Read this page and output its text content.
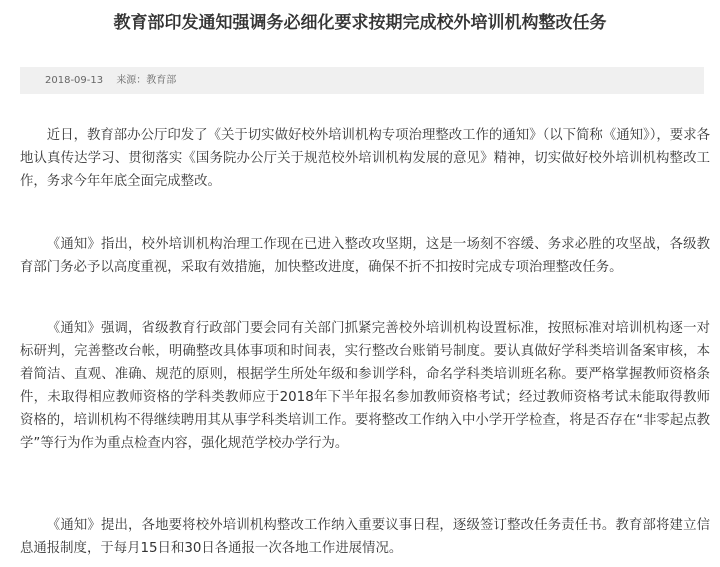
教育部印发通知强调务必细化要求按期完成校外培训机构整改任务
2018-09-13 来源：教育部

近日，教育部办公厅印发了《关于切实做好校外培训机构专项治理整改工作的通知》（以下简称《通知》），要求各地认真传达学习、贯彻落实《国务院办公厅关于规范校外培训机构发展的意见》精神，切实做好校外培训机构整改工作，务求今年年底全面完成整改。

《通知》指出，校外培训机构治理工作现在已进入整改攻坚期，这是一场刻不容缓、务求必胜的攻坚战，各级教育部门务必予以高度重视，采取有效措施，加快整改进度，确保不折不扣按时完成专项治理整改任务。

《通知》强调，省级教育行政部门要会同有关部门抓紧完善校外培训机构设置标准，按照标准对培训机构逐一对标研判，完善整改台帐，明确整改具体事项和时间表，实行整改台账销号制度。要认真做好学科类培训备案审核，本着简洁、直观、准确、规范的原则，根据学生所处年级和参训学科，命名学科类培训班名称。要严格掌握教师资格条件，未取得相应教师资格的学科类教师应于2018年下半年报名参加教师资格考试；经过教师资格考试未能取得教师资格的，培训机构不得继续聘用其从事学科类培训工作。要将整改工作纳入中小学开学检查，将是否存在“非零起点教学”等行为作为重点检查内容，强化规范学校办学行为。

《通知》提出，各地要将校外培训机构整改工作纳入重要议事日程，逐级签订整改任务责任书。教育部将建立信息通报制度，于每月15日和30日各通报一次各地工作进展情况。
